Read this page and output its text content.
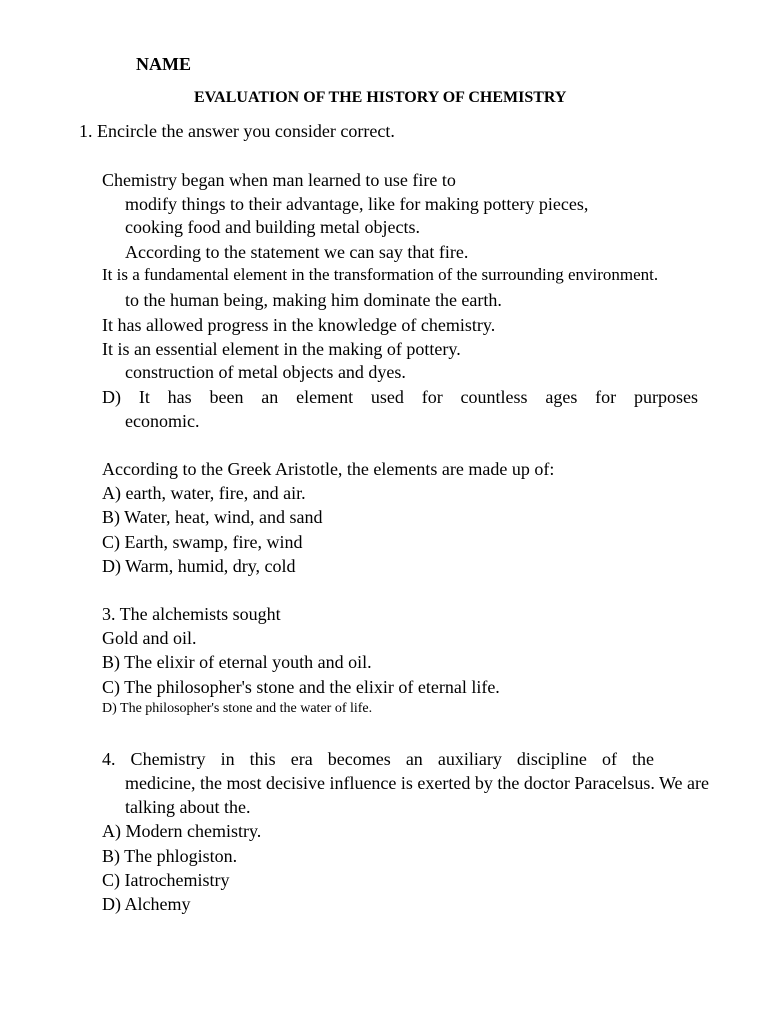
NAME
EVALUATION OF THE HISTORY OF CHEMISTRY
1. Encircle the answer you consider correct.
Chemistry began when man learned to use fire to
modify things to their advantage, like for making pottery pieces,
cooking food and building metal objects.
According to the statement we can say that fire.
It is a fundamental element in the transformation of the surrounding environment.
to the human being, making him dominate the earth.
It has allowed progress in the knowledge of chemistry.
It is an essential element in the making of pottery.
construction of metal objects and dyes.
D) It has been an element used for countless ages for purposes
economic.
According to the Greek Aristotle, the elements are made up of:
A) earth, water, fire, and air.
B) Water, heat, wind, and sand
C) Earth, swamp, fire, wind
D) Warm, humid, dry, cold
3. The alchemists sought
Gold and oil.
B) The elixir of eternal youth and oil.
C) The philosopher's stone and the elixir of eternal life.
D) The philosopher's stone and the water of life.
4. Chemistry in this era becomes an auxiliary discipline of the
medicine, the most decisive influence is exerted by the doctor Paracelsus. We are
talking about the.
A) Modern chemistry.
B) The phlogiston.
C) Iatrochemistry
D) Alchemy
